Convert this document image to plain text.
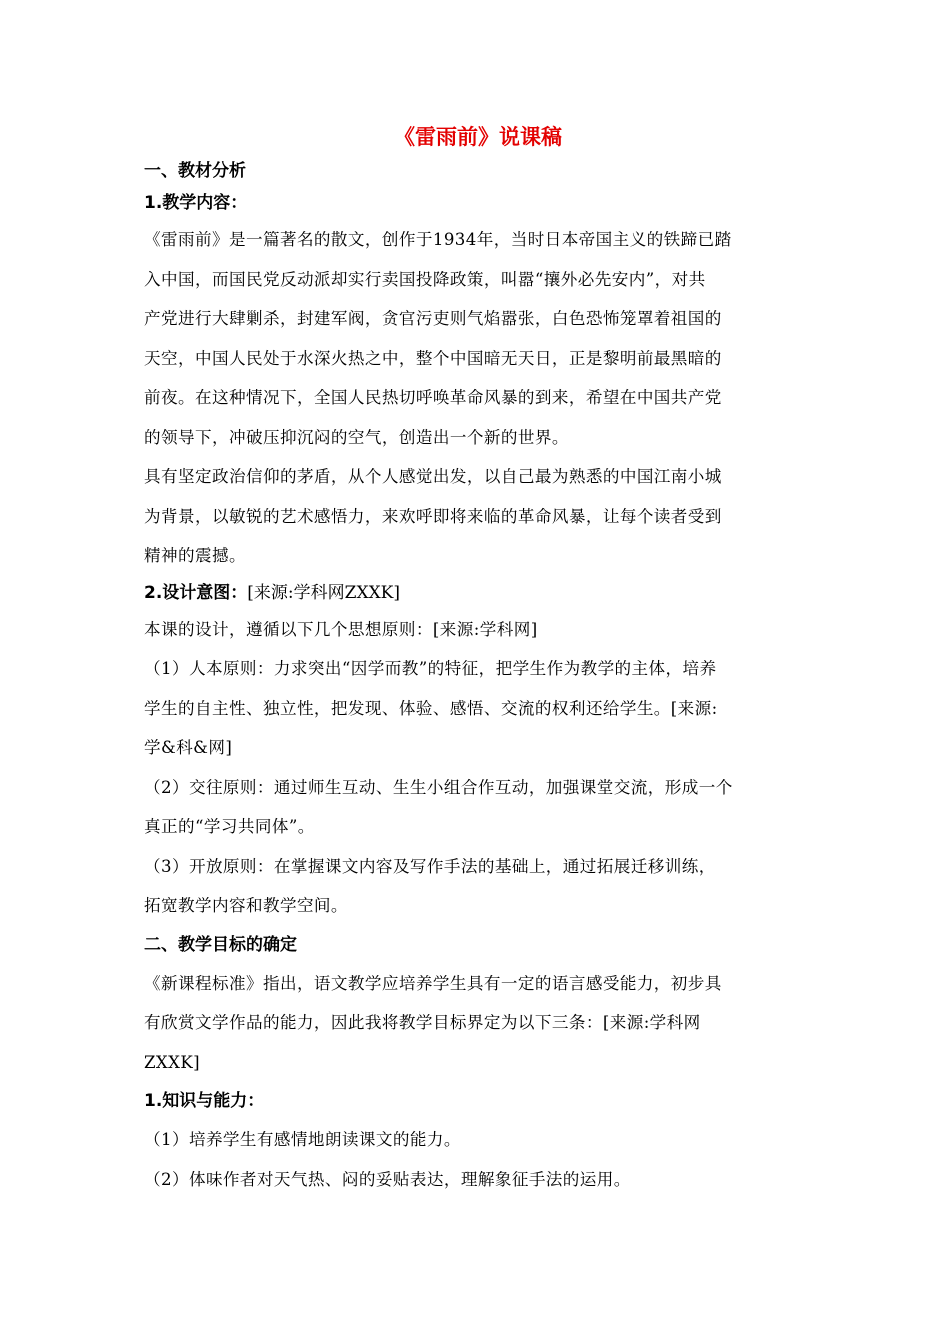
《雷雨前》说课稿
一、教材分析
1.教学内容：
《雷雨前》是一篇著名的散文，创作于1934年，当时日本帝国主义的铁蹄已踏
入中国，而国民党反动派却实行卖国投降政策，叫嚣“攘外必先安内”，对共
产党进行大肆剿杀，封建军阀，贪官污吏则气焰嚣张，白色恐怖笼罩着祖国的
天空，中国人民处于水深火热之中，整个中国暗无天日，正是黎明前最黑暗的
前夜。在这种情况下，全国人民热切呼唤革命风暴的到来，希望在中国共产党
的领导下，冲破压抑沉闷的空气，创造出一个新的世界。
具有坚定政治信仰的茅盾，从个人感觉出发，以自己最为熟悉的中国江南小城
为背景，以敏锐的艺术感悟力，来欢呼即将来临的革命风暴，让每个读者受到
精神的震撼。
2.设计意图：[来源:学科网ZXXK]
本课的设计，遵循以下几个思想原则：[来源:学科网]
（1）人本原则：力求突出“因学而教”的特征，把学生作为教学的主体，培养
学生的自主性、独立性，把发现、体验、感悟、交流的权利还给学生。[来源:
学&科&网]
（2）交往原则：通过师生互动、生生小组合作互动，加强课堂交流，形成一个
真正的“学习共同体”。
（3）开放原则：在掌握课文内容及写作手法的基础上，通过拓展迁移训练，
拓宽教学内容和教学空间。
二、教学目标的确定
《新课程标准》指出，语文教学应培养学生具有一定的语言感受能力，初步具
有欣赏文学作品的能力，因此我将教学目标界定为以下三条：[来源:学科网
ZXXK]
1.知识与能力：
（1）培养学生有感情地朗读课文的能力。
（2）体味作者对天气热、闷的妥贴表达，理解象征手法的运用。
